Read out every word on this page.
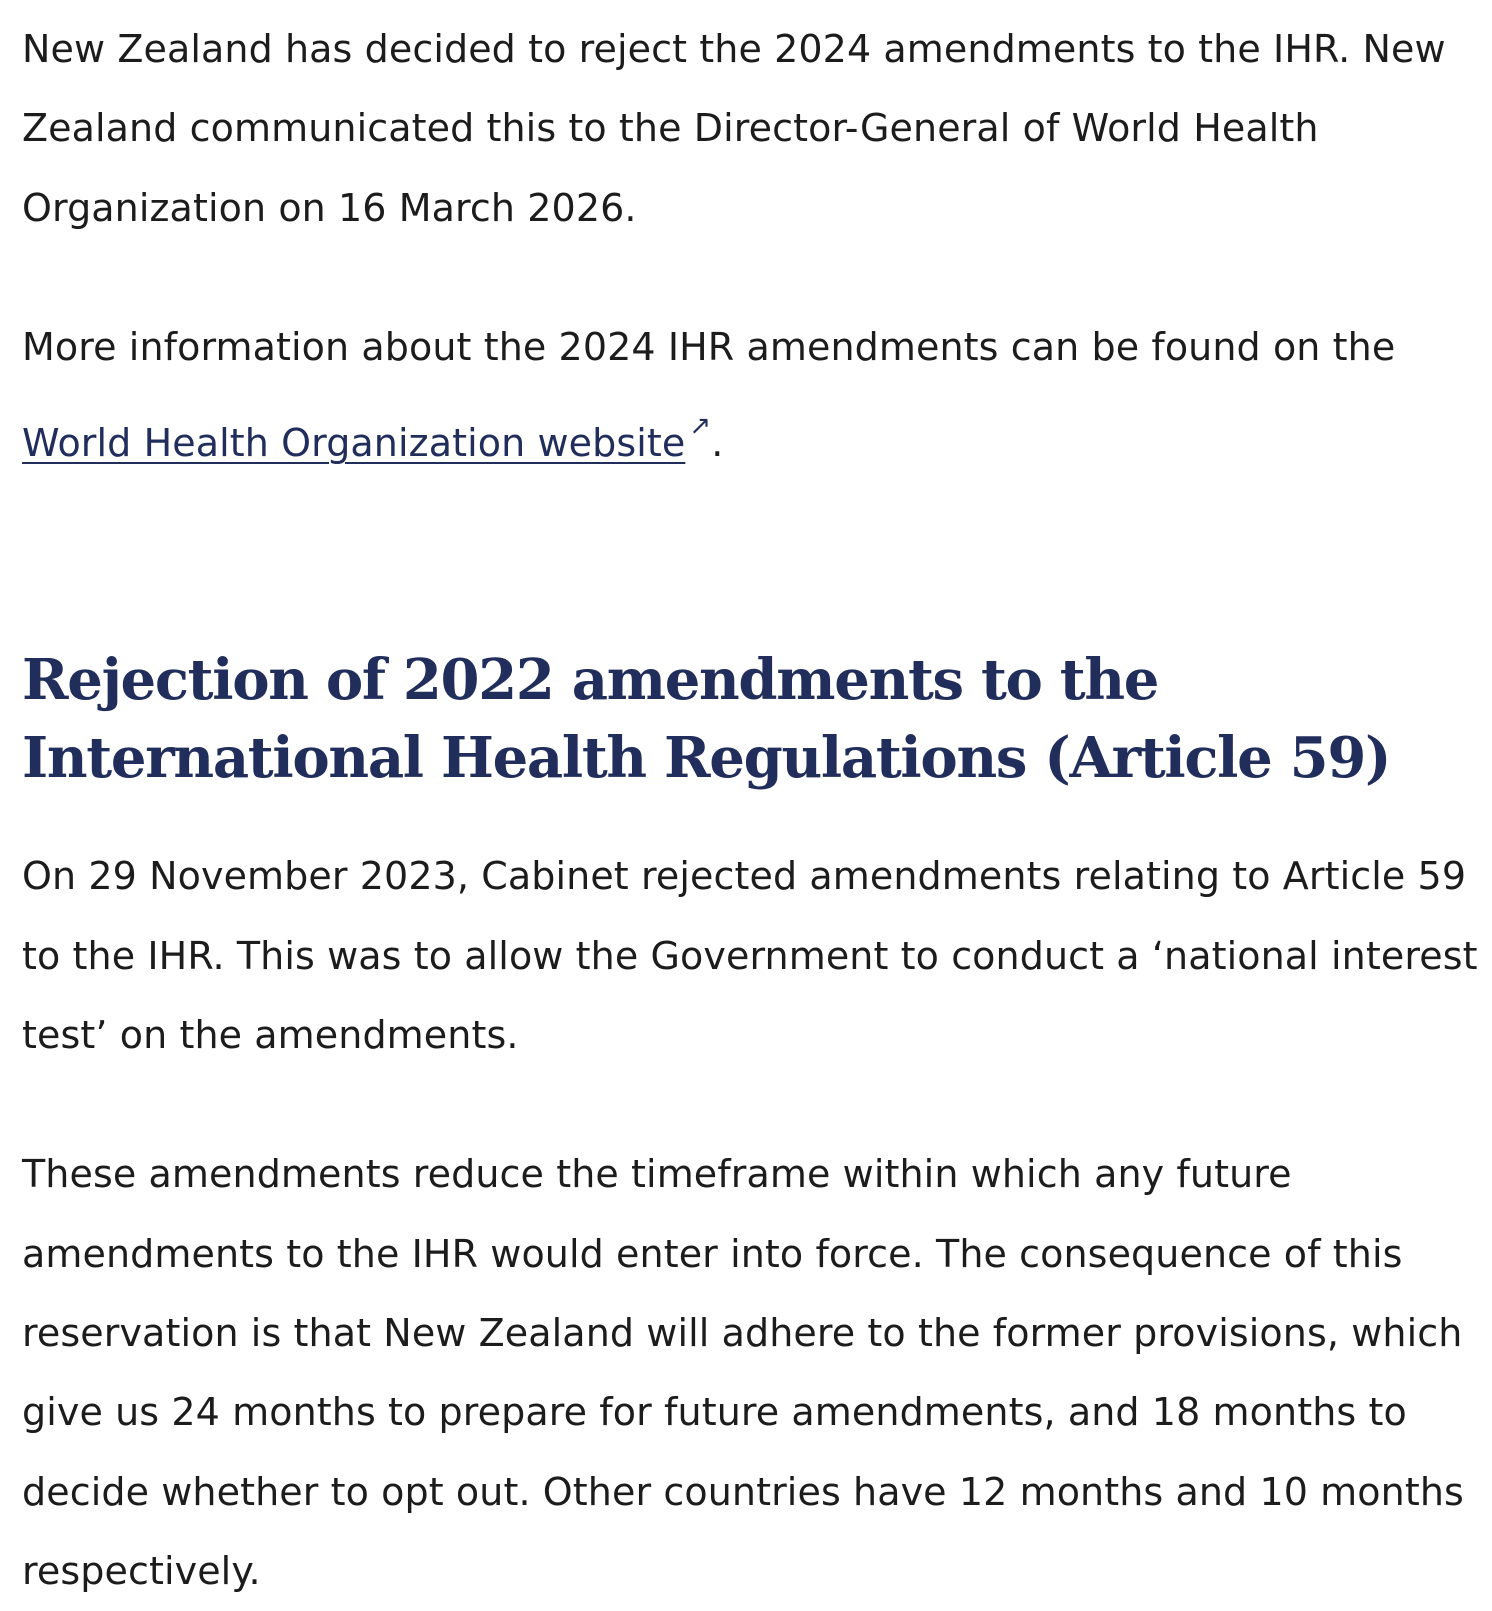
New Zealand has decided to reject the 2024 amendments to the IHR. New Zealand communicated this to the Director-General of World Health Organization on 16 March 2026.

More information about the 2024 IHR amendments can be found on the World Health Organization website ↗.

Rejection of 2022 amendments to the
International Health Regulations (Article 59)

On 29 November 2023, Cabinet rejected amendments relating to Article 59 to the IHR. This was to allow the Government to conduct a ‘national interest test’ on the amendments.

These amendments reduce the timeframe within which any future amendments to the IHR would enter into force. The consequence of this reservation is that New Zealand will adhere to the former provisions, which give us 24 months to prepare for future amendments, and 18 months to decide whether to opt out. Other countries have 12 months and 10 months respectively.
